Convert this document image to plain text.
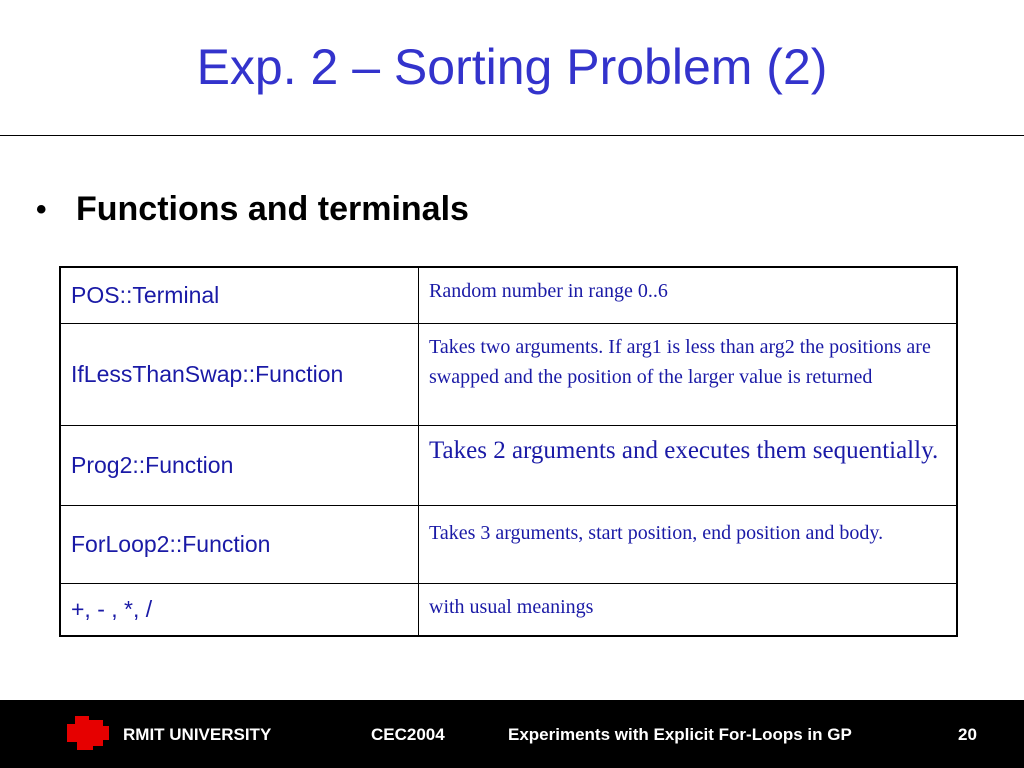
Exp. 2 – Sorting Problem (2)
• Functions and terminals
POS::Terminal	Random number in range 0..6
IfLessThanSwap::Function	Takes two arguments. If arg1 is less than arg2 the positions are swapped and the position of the larger value is returned
Prog2::Function	Takes 2 arguments and executes them sequentially.
ForLoop2::Function	Takes 3 arguments, start position, end position and body.
+, - , *, /	with usual meanings
RMIT UNIVERSITY	CEC2004	Experiments with Explicit For-Loops in GP	20
